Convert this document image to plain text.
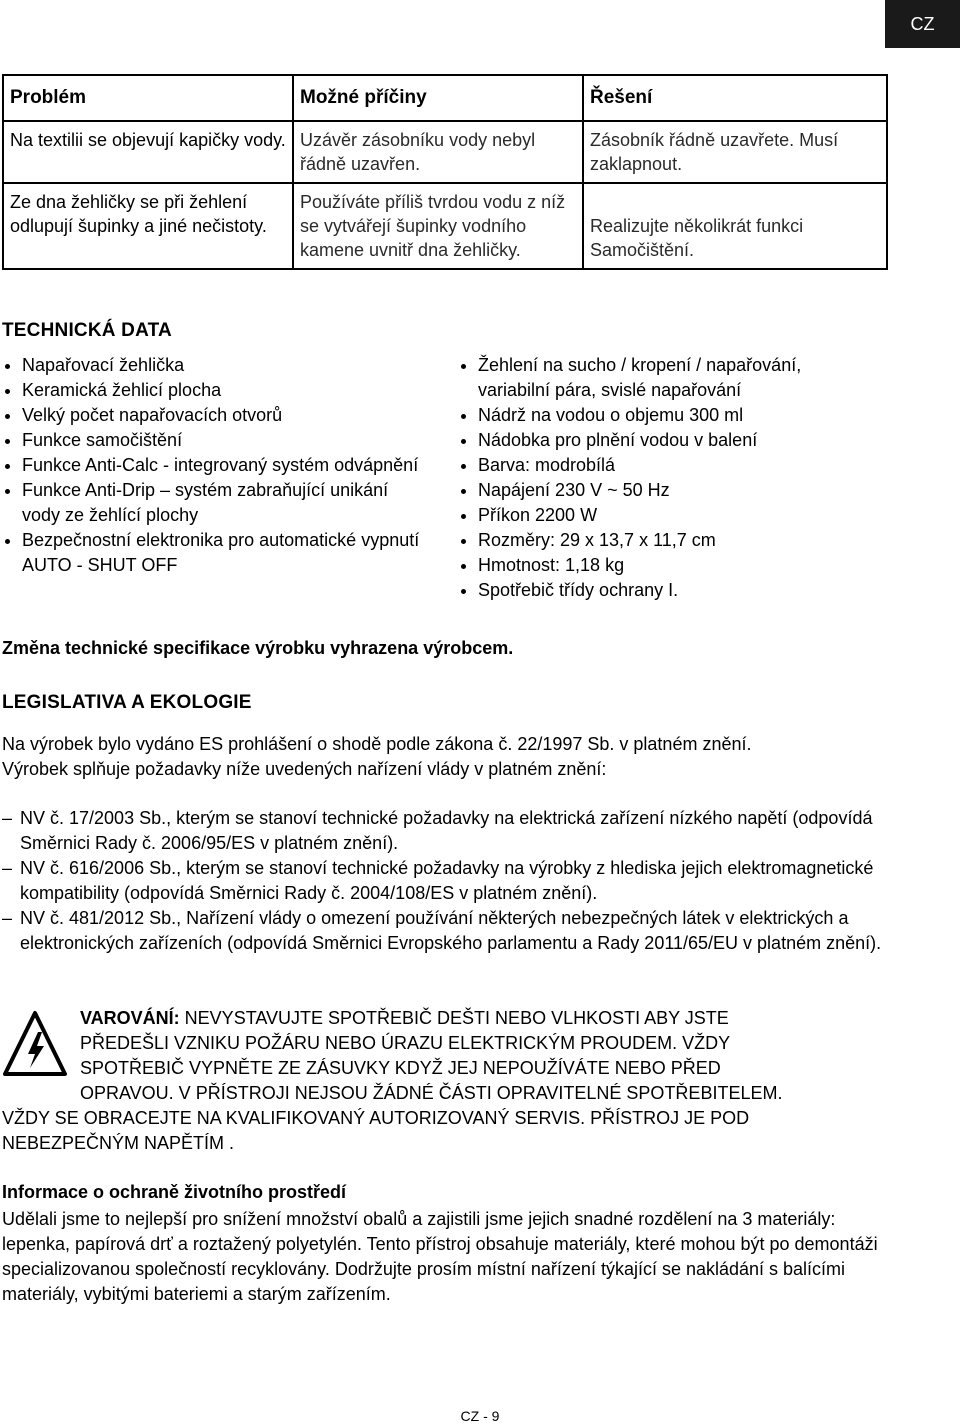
CZ
Problém	Možné příčiny	Řešení

Na textilii se objevují kapičky vody.	Uzávěr zásobníku vody nebyl řádně uzavřen.	Zásobník řádně uzavřete. Musí zaklapnout.

Ze dna žehličky se při žehlení odlupují šupinky a jiné nečistoty.	Používáte příliš tvrdou vodu z níž se vytvářejí šupinky vodního kamene uvnitř dna žehličky.	Realizujte několikrát funkci Samočištění.
TECHNICKÁ DATA
Napařovací žehlička
Keramická žehlicí plocha
Velký počet napařovacích otvorů
Funkce samočištění
Funkce Anti-Calc - integrovaný systém odvápnění
Funkce Anti-Drip – systém zabraňující unikání vody ze žehlící plochy
Bezpečnostní elektronika pro automatické vypnutí AUTO - SHUT OFF
Žehlení na sucho / kropení / napařování, variabilní pára, svislé napařování
Nádrž na vodou o objemu 300 ml
Nádobka pro plnění vodou v balení
Barva: modrobílá
Napájení 230 V ~ 50 Hz
Příkon 2200 W
Rozměry: 29 x 13,7 x 11,7 cm
Hmotnost: 1,18 kg
Spotřebič třídy ochrany I.
Změna technické specifikace výrobku vyhrazena výrobcem.
LEGISLATIVA A EKOLOGIE
Na výrobek bylo vydáno ES prohlášení o shodě podle zákona č. 22/1997 Sb. v platném znění.
Výrobek splňuje požadavky níže uvedených nařízení vlády v platném znění:
– NV č. 17/2003 Sb., kterým se stanoví technické požadavky na elektrická zařízení nízkého napětí (odpovídá Směrnici Rady č. 2006/95/ES v platném znění).
– NV č. 616/2006 Sb., kterým se stanoví technické požadavky na výrobky z hlediska jejich elektromagnetické kompatibility (odpovídá Směrnici Rady č. 2004/108/ES v platném znění).
– NV č. 481/2012 Sb., Nařízení vlády o omezení používání některých nebezpečných látek v elektrických a elektronických zařízeních (odpovídá Směrnici Evropského parlamentu a Rady 2011/65/EU v platném znění).
VAROVÁNÍ: NEVYSTAVUJTE SPOTŘEBIČ DEŠTI NEBO VLHKOSTI ABY JSTE
PŘEDEŠLI VZNIKU POŽÁRU NEBO ÚRAZU ELEKTRICKÝM PROUDEM. VŽDY
SPOTŘEBIČ VYPNĚTE ZE ZÁSUVKY KDYŽ JEJ NEPOUŽÍVÁTE NEBO PŘED
OPRAVOU. V PŘÍSTROJI NEJSOU ŽÁDNÉ ČÁSTI OPRAVITELNÉ SPOTŘEBITELEM.
VŽDY SE OBRACEJTE NA KVALIFIKOVANÝ AUTORIZOVANÝ SERVIS. PŘÍSTROJ JE POD
NEBEZPEČNÝM NAPĚTÍM .
Informace o ochraně životního prostředí
Udělali jsme to nejlepší pro snížení množství obalů a zajistili jsme jejich snadné rozdělení na 3 materiály: lepenka, papírová drť a roztažený polyetylén. Tento přístroj obsahuje materiály, které mohou být po demontáži specializovanou společností recyklovány. Dodržujte prosím místní nařízení týkající se nakládání s balícími materiály, vybitými bateriemi a starým zařízením.
CZ - 9
